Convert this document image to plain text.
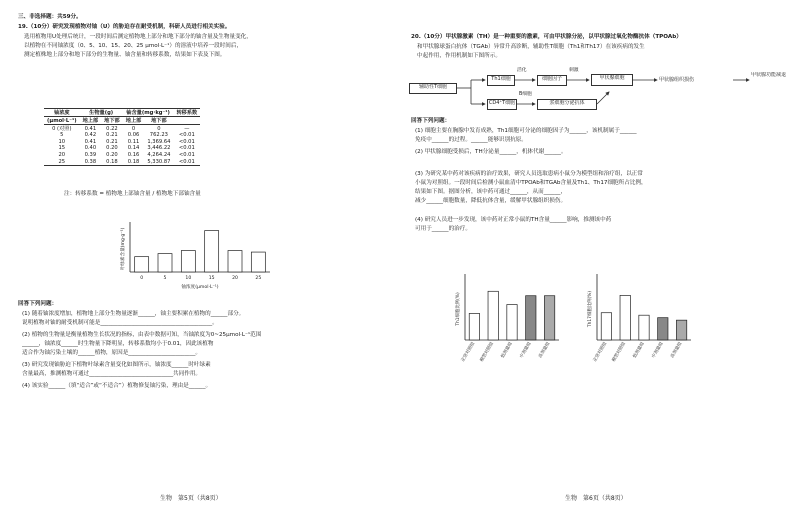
三、非选择题：共59分。
19.（10分）研究发现植物对铀（U）的胁迫存在耐受机制，科研人员进行相关实验。
选用植物用U处理后统计，一段时间后测定植物地上部分和地下部分的铀含量及生物量变化，
以植物在不同铀浓度（0、5、10、15、20、25 μmol·L⁻¹）的溶液中培养一段时间后，
测定植株地上部分和地下部分的生物量、铀含量和转移系数，结果如下表及下图。
铀浓度	生物量(g)		铀含量(mg·kg⁻¹)		转移系数
(μmol·L⁻¹)	地上部	地下部	地上部	地下部	
0 (对照)	0.41	0.22	0	0	—
5	0.42	0.21	0.06	762.23	<0.01
10	0.41	0.21	0.11	1,369.64	<0.01
15	0.40	0.20	0.14	3,446.22	<0.01
20	0.39	0.20	0.16	4,264.24	<0.01
25	0.38	0.18	0.18	5,330.87	<0.01
注：转移系数 = 植物地上部铀含量 / 植物地下部铀含量
0	5	10	15	20	25
叶绿素含量(mg·g⁻¹)
铀浓度(μmol·L⁻¹)
回答下列问题：
(1) 随着铀浓度增加，植物地上部分生物量逐渐______，铀主要积累在植物的______部分。
说明植物对铀的耐受机制可能是________________________________________。
(2) 植物的生物量是衡量植物生长状况的指标，由表中数据可知，当铀浓度为0~25μmol·L⁻¹范围
______，铀浓度______时生物量下降明显，转移系数均小于0.01，因此该植物
适合作为铀污染土壤的______植物，原因是________________________。
(3) 研究发现铀胁迫下植物叶绿素含量变化如图所示，铀浓度______时叶绿素
含量最高，推测植物可通过______________________________共同作用。
(4) 该实验______（填“适合”或“不适合”）植物修复铀污染，理由是______。
生物　第5页（共8页）
20.（10分）甲状腺激素（TH）是一种重要的激素，可由甲状腺分泌，以甲状腺过氧化物酶抗体（TPOAb）
和甲状腺球蛋白抗体（TGAb）异常升高诊断，辅助性T细胞（Th1和Th17）在该疾病的发生
中起作用，作用机制如下图所示。
辅助性T细胞
Th1细胞
活化
细胞因子
刺激
甲状腺细胞
CD4⁺T细胞
B细胞
浆细胞分泌抗体
甲状腺组织损伤
甲状腺功能减退
回答下列问题：
(1) 细胞主要在胸腺中发育成熟，Th1细胞可分泌的细胞因子为______，该机制属于______
免疫中______的过程。______能够识别抗原。
(2) 甲状腺细胞受损后，TH分泌量______，机体代谢______。
(3) 为研究某中药对该疾病的治疗效果，研究人员选取患病小鼠分为模型组和治疗组，以正常
小鼠为对照组。一段时间后检测小鼠血清中TPOAb和TGAb含量及Th1、Th17细胞所占比例，
结果如下图。据图分析，该中药可通过______，从而______，
减少______细胞数量，降低抗体含量，缓解甲状腺组织损伤。
(4) 研究人员进一步发现，该中药对正常小鼠的TH含量______影响，推测该中药
可用于______的治疗。
正常对照组 模型对照组	低剂量组	中剂量组	高剂量组
Th1细胞比例(%)
正常对照组 模型对照组	低剂量组	中剂量组	高剂量组
Th17细胞比例(%)
生物　第6页（共8页）
